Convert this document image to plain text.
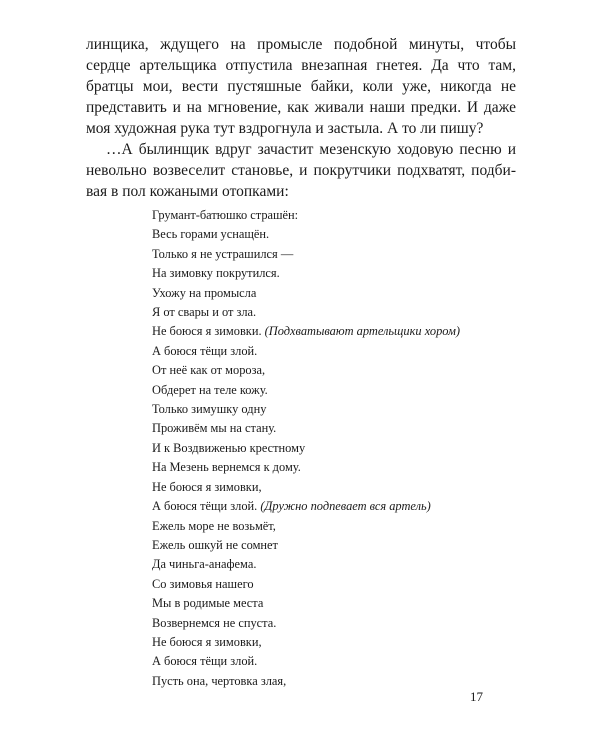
линщика, ждущего на промысле подобной минуты, чтобы сердце артельщика отпустила внезапная гнетея. Да что там, братцы мои, вести пустяшные байки, коли уже, никогда не представить и на мгновение, как живали наши предки. И даже моя художная рука тут вздрогнула и застыла. А то ли пишу?

…А былинщик вдруг зачастит мезенскую ходовую песню и невольно возвеселит становье, и покрутчики подхватят, подби-вая в пол кожаными отопками:

Грумант-батюшко страшён:
Весь горами уснащён.
Только я не устрашился —
На зимовку покрутился.
Ухожу на промысла
Я от свары и от зла.
Не боюся я зимовки. (Подхватывают артельщики хором)
А боюся тёщи злой.
От неё как от мороза,
Обдерет на теле кожу.
Только зимушку одну
Проживём мы на стану.
И к Воздвиженью крестному
На Мезень вернемся к дому.
Не боюся я зимовки,
А боюся тёщи злой. (Дружно подпевает вся артель)
Ежель море не возьмёт,
Ежель ошкуй не сомнет
Да чиньга-анафема.
Со зимовья нашего
Мы в родимые места
Возвернемся не спуста.
Не боюся я зимовки,
А боюся тёщи злой.
Пусть она, чертовка злая,
17
